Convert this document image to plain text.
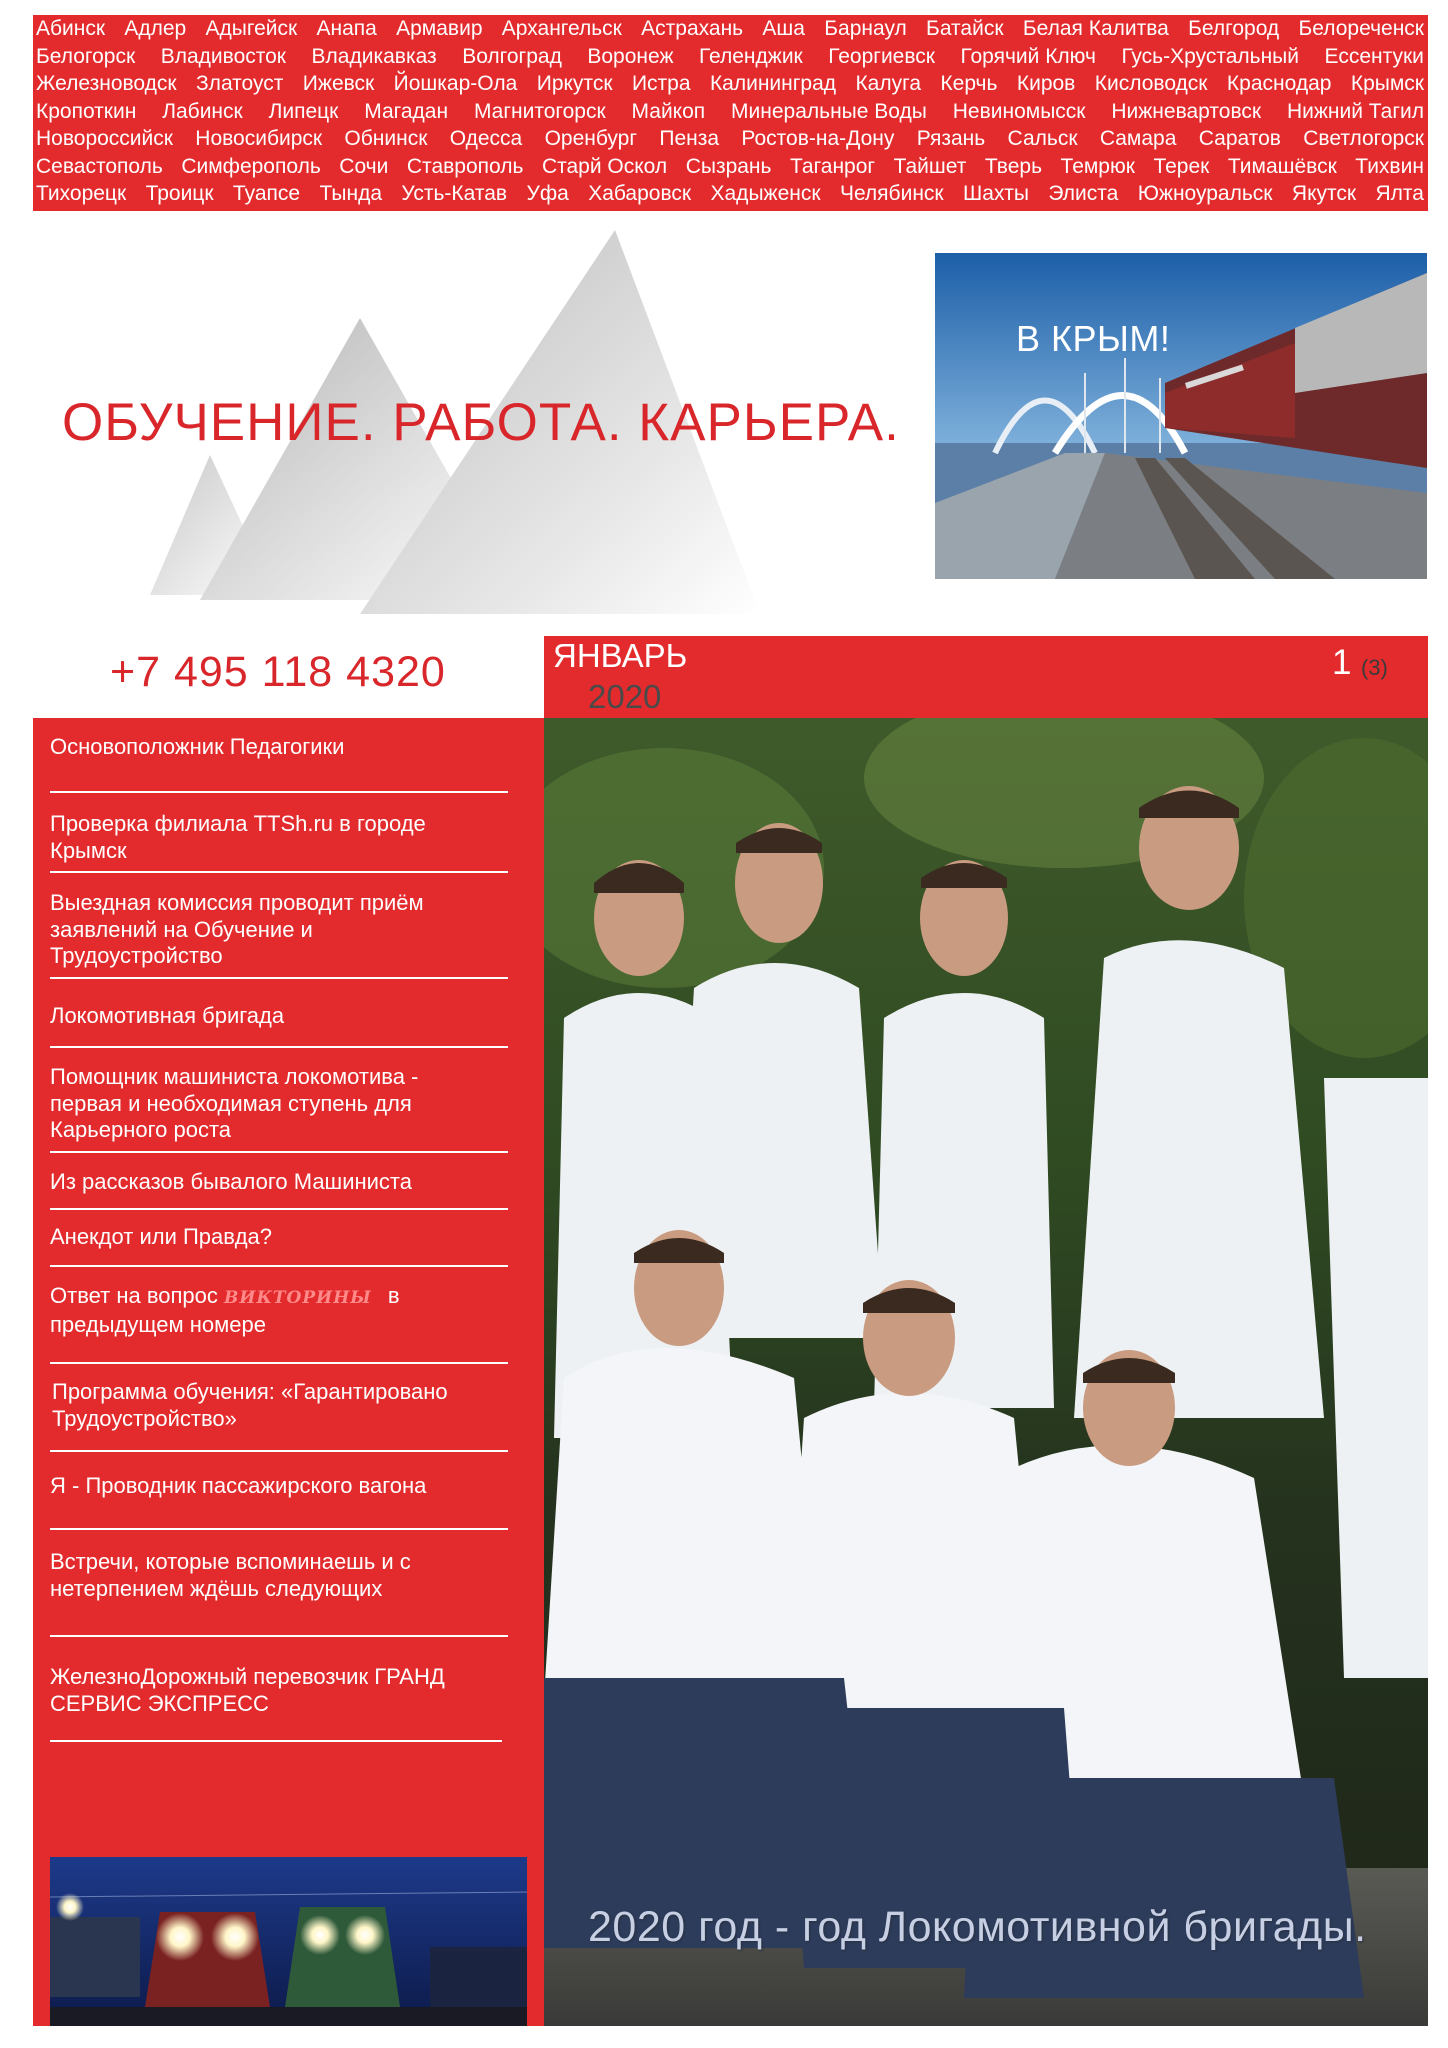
Абинск Адлер Адыгейск Анапа Армавир Архангельск Астрахань Аша Барнаул Батайск Белая Калитва Белгород Белореченск
Белогорск Владивосток Владикавказ Волгоград Воронеж Геленджик Георгиевск Горячий Ключ Гусь-Хрустальный Ессентуки
Железноводск Златоуст Ижевск Йошкар-Ола Иркутск Истра Калининград Калуга Керчь Киров Кисловодск Краснодар Крымск
Кропоткин Лабинск Липецк Магадан Магнитогорск Майкоп Минеральные Воды Невиномысск Нижневартовск Нижний Тагил
Новороссийск Новосибирск Обнинск Одесса Оренбург Пенза Ростов-на-Дону Рязань Сальск Самара Саратов Светлогорск
Севастополь Симферополь Сочи Ставрополь Старй Оскол Сызрань Таганрог Тайшет Тверь Темрюк Терек Тимашёвск Тихвин
Тихорецк Троицк Туапсе Тында Усть-Катав Уфа Хабаровск Хадыженск Челябинск Шахты Элиста Южноуральск Якутск Ялта
ОБУЧЕНИЕ. РАБОТА. КАРЬЕРА.
В КРЫМ!
+7 495 118 4320	ЯНВАРЬ
2020
1 (3)
Основоположник Педагогики
Проверка филиала TTSh.ru в городе Крымск
Выездная комиссия проводит приём заявлений на Обучение и Трудоустройство
Локомотивная бригада
Помощник машиниста локомотива - первая и необходимая ступень для Карьерного роста
Из рассказов бывалого Машиниста
Анекдот или Правда?
Ответ на вопрос ВИКТОРИНЫ в
предыдущем номере
Программа обучения: «Гарантировано Трудоустройство»
Я - Проводник пассажирского вагона
Встречи, которые вспоминаешь и с нетерпением ждёшь следующих
ЖелезноДорожный перевозчик ГРАНД СЕРВИС ЭКСПРЕСС
2020 год - год Локомотивной бригады.
